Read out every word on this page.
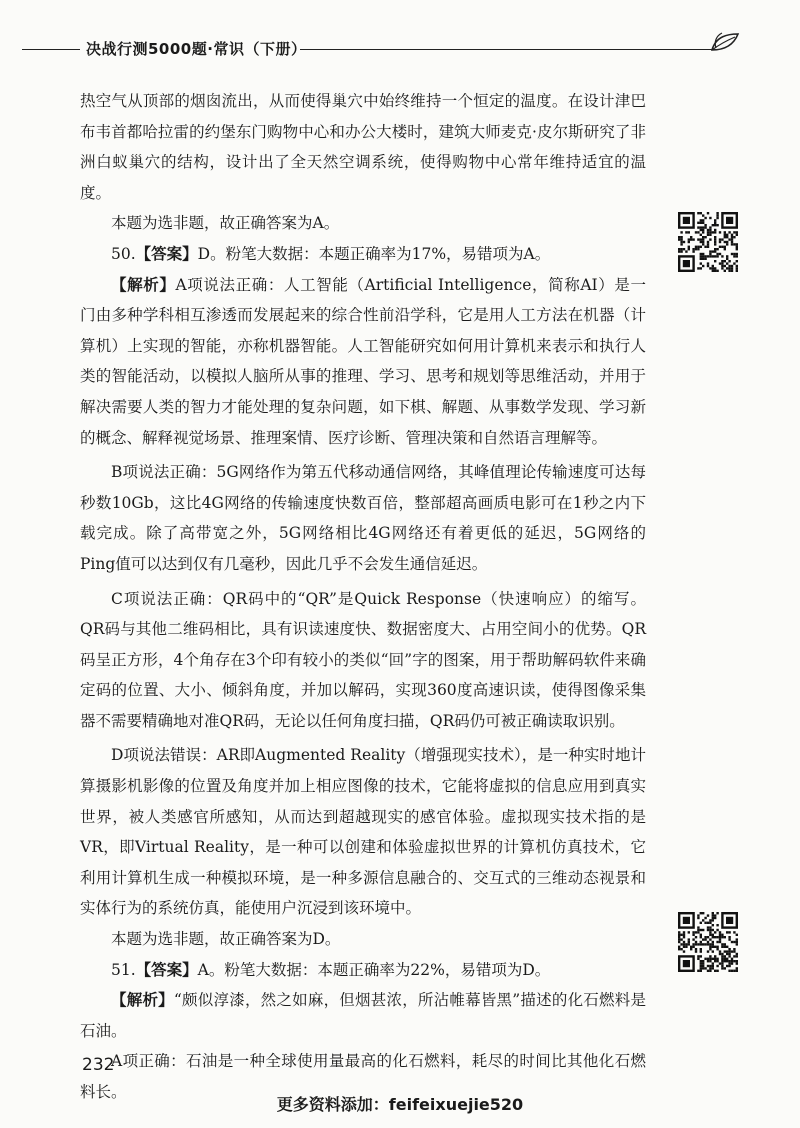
决战行测5000题·常识（下册）

热空气从顶部的烟囱流出，从而使得巢穴中始终维持一个恒定的温度。在设计津巴布韦首都哈拉雷的约堡东门购物中心和办公大楼时，建筑大师麦克·皮尔斯研究了非洲白蚁巢穴的结构，设计出了全天然空调系统，使得购物中心常年维持适宜的温度。

本题为选非题，故正确答案为A。

50.【答案】D。粉笔大数据：本题正确率为17%，易错项为A。

【解析】A项说法正确：人工智能（Artificial Intelligence，简称AI）是一门由多种学科相互渗透而发展起来的综合性前沿学科，它是用人工方法在机器（计算机）上实现的智能，亦称机器智能。人工智能研究如何用计算机来表示和执行人类的智能活动，以模拟人脑所从事的推理、学习、思考和规划等思维活动，并用于解决需要人类的智力才能处理的复杂问题，如下棋、解题、从事数学发现、学习新的概念、解释视觉场景、推理案情、医疗诊断、管理决策和自然语言理解等。

B项说法正确：5G网络作为第五代移动通信网络，其峰值理论传输速度可达每秒数10Gb，这比4G网络的传输速度快数百倍，整部超高画质电影可在1秒之内下载完成。除了高带宽之外，5G网络相比4G网络还有着更低的延迟，5G网络的Ping值可以达到仅有几毫秒，因此几乎不会发生通信延迟。

C项说法正确：QR码中的“QR”是Quick Response（快速响应）的缩写。QR码与其他二维码相比，具有识读速度快、数据密度大、占用空间小的优势。QR码呈正方形，4个角存在3个印有较小的类似“回”字的图案，用于帮助解码软件来确定码的位置、大小、倾斜角度，并加以解码，实现360度高速识读，使得图像采集器不需要精确地对准QR码，无论以任何角度扫描，QR码仍可被正确读取识别。

D项说法错误：AR即Augmented Reality（增强现实技术），是一种实时地计算摄影机影像的位置及角度并加上相应图像的技术，它能将虚拟的信息应用到真实世界，被人类感官所感知，从而达到超越现实的感官体验。虚拟现实技术指的是VR，即Virtual Reality，是一种可以创建和体验虚拟世界的计算机仿真技术，它利用计算机生成一种模拟环境，是一种多源信息融合的、交互式的三维动态视景和实体行为的系统仿真，能使用户沉浸到该环境中。

本题为选非题，故正确答案为D。

51.【答案】A。粉笔大数据：本题正确率为22%，易错项为D。

【解析】“颇似淳漆，然之如麻，但烟甚浓，所沾帷幕皆黑”描述的化石燃料是石油。

A项正确：石油是一种全球使用量最高的化石燃料，耗尽的时间比其他化石燃料长。

232
更多资料添加：feifeixuejie520
